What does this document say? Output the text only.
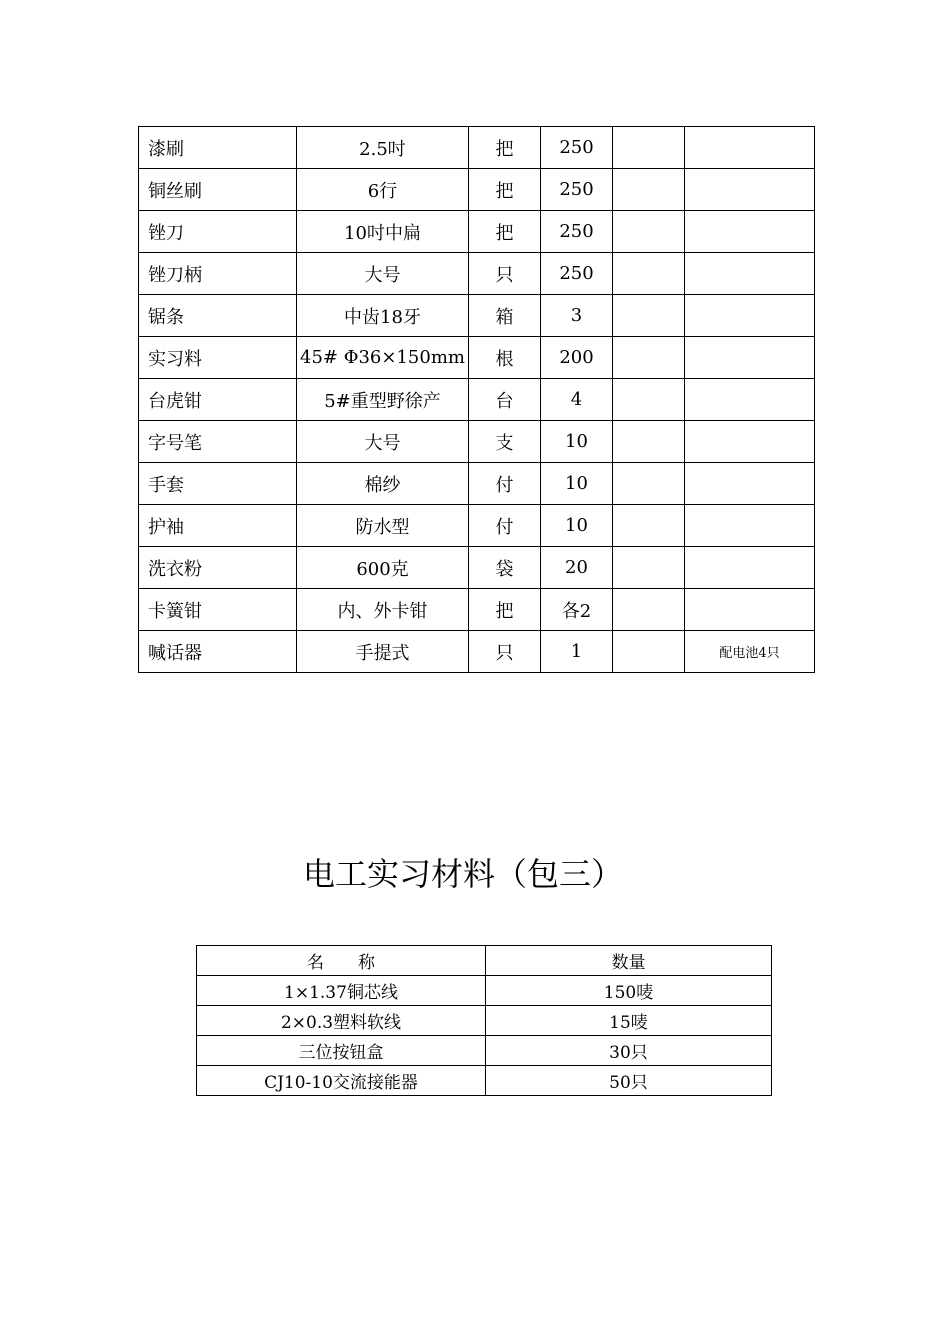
漆刷	2.5吋	把	250		
铜丝刷	6行	把	250		
锉刀	10吋中扁	把	250		
锉刀柄	大号	只	250		
锯条	中齿18牙	箱	3		
实习料	45# Φ36×150mm	根	200		
台虎钳	5#重型野徐产	台	4		
字号笔	大号	支	10		
手套	棉纱	付	10		
护袖	防水型	付	10		
洗衣粉	600克	袋	20		
卡簧钳	内、外卡钳	把	各2		
喊话器	手提式	只	1		配电池4只
电工实习材料（包三）
名　　称	数量
1×1.37铜芯线	150唛
2×0.3塑料软线	15唛
三位按钮盒	30只
CJ10-10交流接能器	50只
